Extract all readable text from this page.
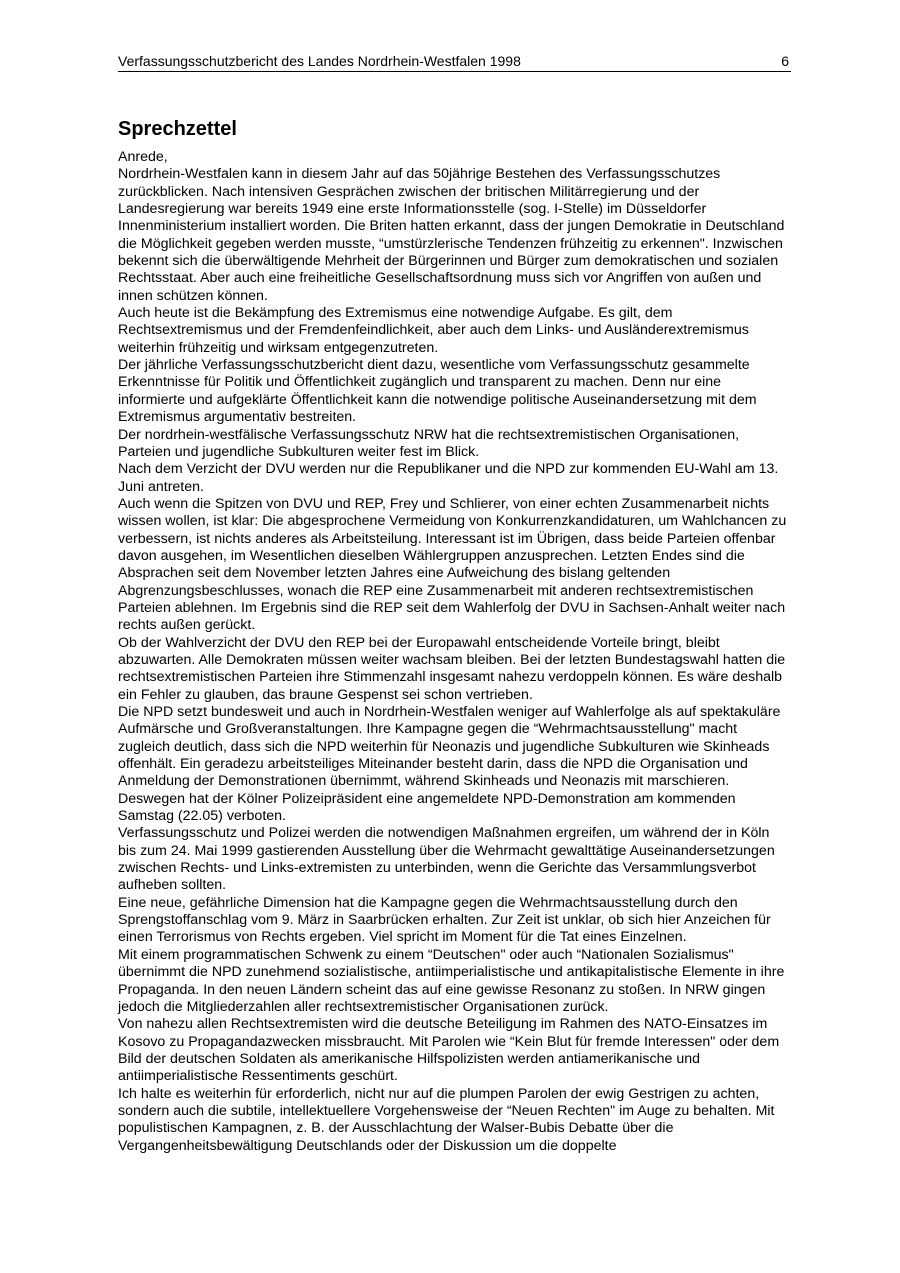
Verfassungsschutzbericht des Landes Nordrhein-Westfalen 1998	6
Sprechzettel

Anrede,

Nordrhein-Westfalen kann in diesem Jahr auf das 50jährige Bestehen des Verfassungsschutzes zurückblicken. Nach intensiven Gesprächen zwischen der britischen Militärregierung und der Landesregierung war bereits 1949 eine erste Informationsstelle (sog. I-Stelle) im Düsseldorfer Innenministerium installiert worden. Die Briten hatten erkannt, dass der jungen Demokratie in Deutschland die Möglichkeit gegeben werden musste, “umstürzlerische Tendenzen frühzeitig zu erkennen". Inzwischen bekennt sich die überwältigende Mehrheit der Bürgerinnen und Bürger zum demokratischen und sozialen Rechtsstaat. Aber auch eine freiheitliche Gesellschaftsordnung muss sich vor Angriffen von außen und innen schützen können.

Auch heute ist die Bekämpfung des Extremismus eine notwendige Aufgabe. Es gilt, dem Rechtsextremismus und der Fremdenfeindlichkeit, aber auch dem Links- und Ausländerextremismus weiterhin frühzeitig und wirksam entgegenzutreten.

Der jährliche Verfassungsschutzbericht dient dazu, wesentliche vom Verfassungsschutz gesammelte Erkenntnisse für Politik und Öffentlichkeit zugänglich und transparent zu machen. Denn nur eine informierte und aufgeklärte Öffentlichkeit kann die notwendige politische Auseinandersetzung mit dem Extremismus argumentativ bestreiten.

Der nordrhein-westfälische Verfassungsschutz NRW hat die rechtsextremistischen Organisationen, Parteien und jugendliche Subkulturen weiter fest im Blick.

Nach dem Verzicht der DVU werden nur die Republikaner und die NPD zur kommenden EU-Wahl am 13. Juni antreten.

Auch wenn die Spitzen von DVU und REP, Frey und Schlierer, von einer echten Zusammenarbeit nichts wissen wollen, ist klar: Die abgesprochene Vermeidung von Konkurrenzkandidaturen, um Wahlchancen zu verbessern, ist nichts anderes als Arbeitsteilung. Interessant ist im Übrigen, dass beide Parteien offenbar davon ausgehen, im Wesentlichen dieselben Wählergruppen anzusprechen. Letzten Endes sind die Absprachen seit dem November letzten Jahres eine Aufweichung des bislang geltenden Abgrenzungsbeschlusses, wonach die REP eine Zusammenarbeit mit anderen rechtsextremistischen Parteien ablehnen. Im Ergebnis sind die REP seit dem Wahlerfolg der DVU in Sachsen-Anhalt weiter nach rechts außen gerückt.

Ob der Wahlverzicht der DVU den REP bei der Europawahl entscheidende Vorteile bringt, bleibt abzuwarten. Alle Demokraten müssen weiter wachsam bleiben. Bei der letzten Bundestagswahl hatten die rechtsextremistischen Parteien ihre Stimmenzahl insgesamt nahezu verdoppeln können. Es wäre deshalb ein Fehler zu glauben, das braune Gespenst sei schon vertrieben.

Die NPD setzt bundesweit und auch in Nordrhein-Westfalen weniger auf Wahlerfolge als auf spektakuläre Aufmärsche und Großveranstaltungen. Ihre Kampagne gegen die “Wehrmachtsausstellung" macht zugleich deutlich, dass sich die NPD weiterhin für Neonazis und jugendliche Subkulturen wie Skinheads offenhält. Ein geradezu arbeitsteiliges Miteinander besteht darin, dass die NPD die Organisation und Anmeldung der Demonstrationen übernimmt, während Skinheads und Neonazis mit marschieren. Deswegen hat der Kölner Polizeipräsident eine angemeldete NPD-Demonstration am kommenden Samstag (22.05) verboten.

Verfassungsschutz und Polizei werden die notwendigen Maßnahmen ergreifen, um während der in Köln bis zum 24. Mai 1999 gastierenden Ausstellung über die Wehrmacht gewalttätige Auseinandersetzungen zwischen Rechts- und Links-extremisten zu unterbinden, wenn die Gerichte das Versammlungsverbot aufheben sollten.

Eine neue, gefährliche Dimension hat die Kampagne gegen die Wehrmachtsausstellung durch den Sprengstoffanschlag vom 9. März in Saarbrücken erhalten. Zur Zeit ist unklar, ob sich hier Anzeichen für einen Terrorismus von Rechts ergeben. Viel spricht im Moment für die Tat eines Einzelnen.

Mit einem programmatischen Schwenk zu einem “Deutschen" oder auch “Nationalen Sozialismus" übernimmt die NPD zunehmend sozialistische, antiimperialistische und antikapitalistische Elemente in ihre Propaganda. In den neuen Ländern scheint das auf eine gewisse Resonanz zu stoßen. In NRW gingen jedoch die Mitgliederzahlen aller rechtsextremistischer Organisationen zurück.

Von nahezu allen Rechtsextremisten wird die deutsche Beteiligung im Rahmen des NATO-Einsatzes im Kosovo zu Propagandazwecken missbraucht. Mit Parolen wie “Kein Blut für fremde Interessen" oder dem Bild der deutschen Soldaten als amerikanische Hilfspolizisten werden antiamerikanische und antiimperialistische Ressentiments geschürt.

Ich halte es weiterhin für erforderlich, nicht nur auf die plumpen Parolen der ewig Gestrigen zu achten, sondern auch die subtile, intellektuellere Vorgehensweise der “Neuen Rechten" im Auge zu behalten. Mit populistischen Kampagnen, z. B. der Ausschlachtung der Walser-Bubis Debatte über die Vergangenheitsbewältigung Deutschlands oder der Diskussion um die doppelte
